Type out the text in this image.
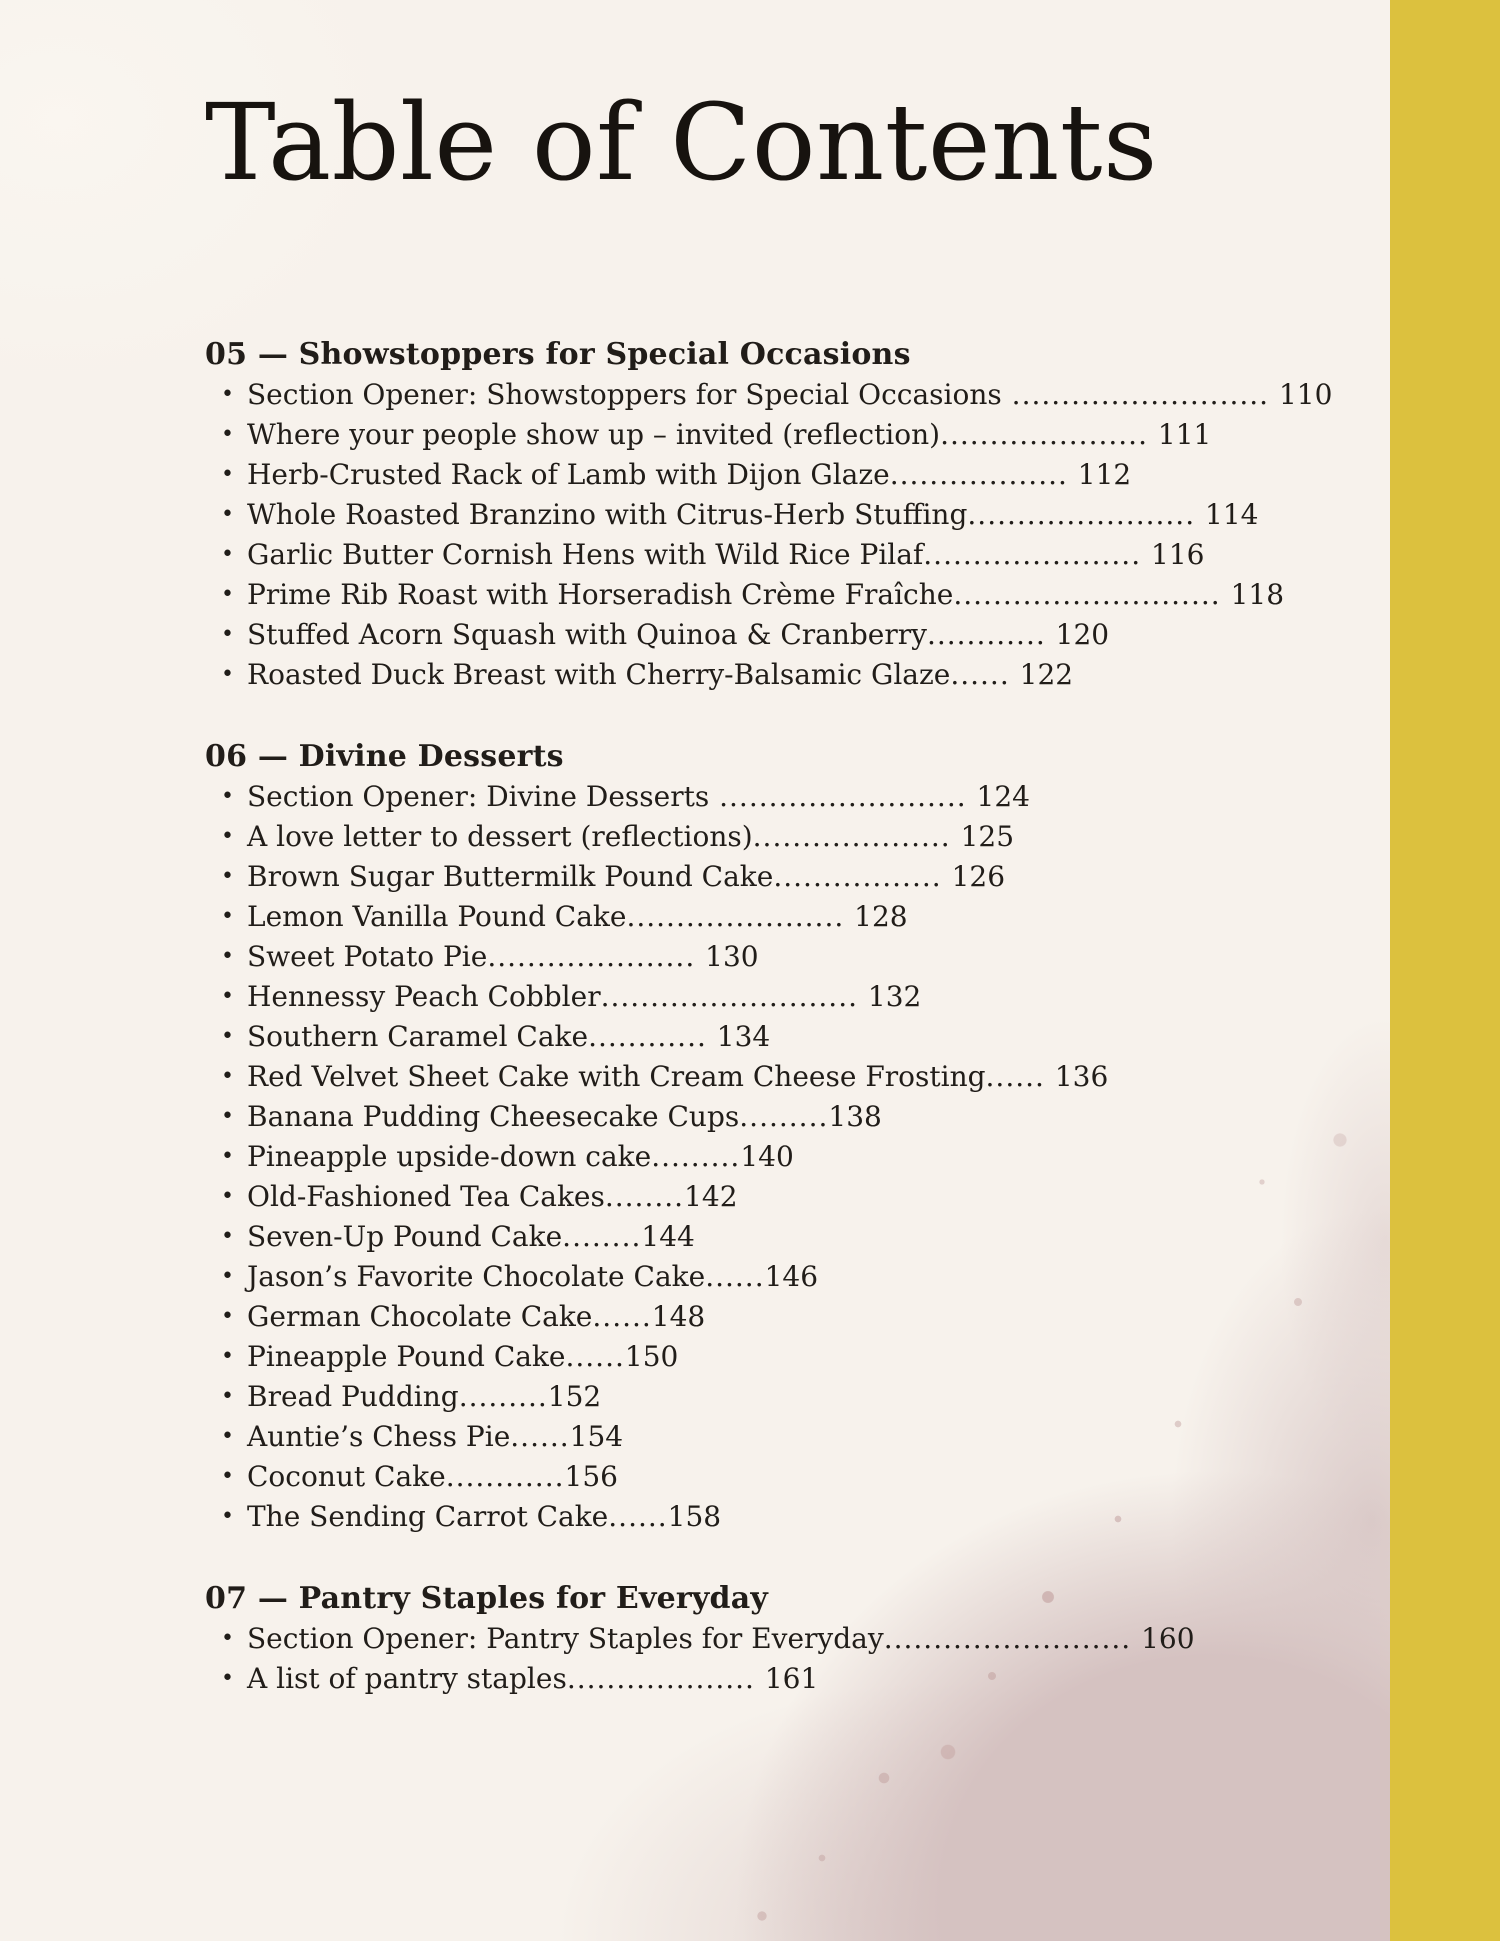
Table of Contents
05 — Showstoppers for Special Occasions
• Section Opener: Showstoppers for Special Occasions .......................... 110
• Where your people show up – invited (reflection)..................... 111
• Herb-Crusted Rack of Lamb with Dijon Glaze.................. 112
• Whole Roasted Branzino with Citrus-Herb Stuffing....................... 114
• Garlic Butter Cornish Hens with Wild Rice Pilaf...................... 116
• Prime Rib Roast with Horseradish Crème Fraîche........................... 118
• Stuffed Acorn Squash with Quinoa & Cranberry............ 120
• Roasted Duck Breast with Cherry-Balsamic Glaze...... 122
06 — Divine Desserts
• Section Opener: Divine Desserts ......................... 124
• A love letter to dessert (reflections).................... 125
• Brown Sugar Buttermilk Pound Cake................. 126
• Lemon Vanilla Pound Cake...................... 128
• Sweet Potato Pie..................... 130
• Hennessy Peach Cobbler.......................... 132
• Southern Caramel Cake............ 134
• Red Velvet Sheet Cake with Cream Cheese Frosting...... 136
• Banana Pudding Cheesecake Cups.........138
• Pineapple upside-down cake.........140
• Old-Fashioned Tea Cakes........142
• Seven-Up Pound Cake........144
• Jason’s Favorite Chocolate Cake......146
• German Chocolate Cake......148
• Pineapple Pound Cake......150
• Bread Pudding.........152
• Auntie’s Chess Pie......154
• Coconut Cake............156
• The Sending Carrot Cake......158
07 — Pantry Staples for Everyday
• Section Opener: Pantry Staples for Everyday......................... 160
• A list of pantry staples................... 161
